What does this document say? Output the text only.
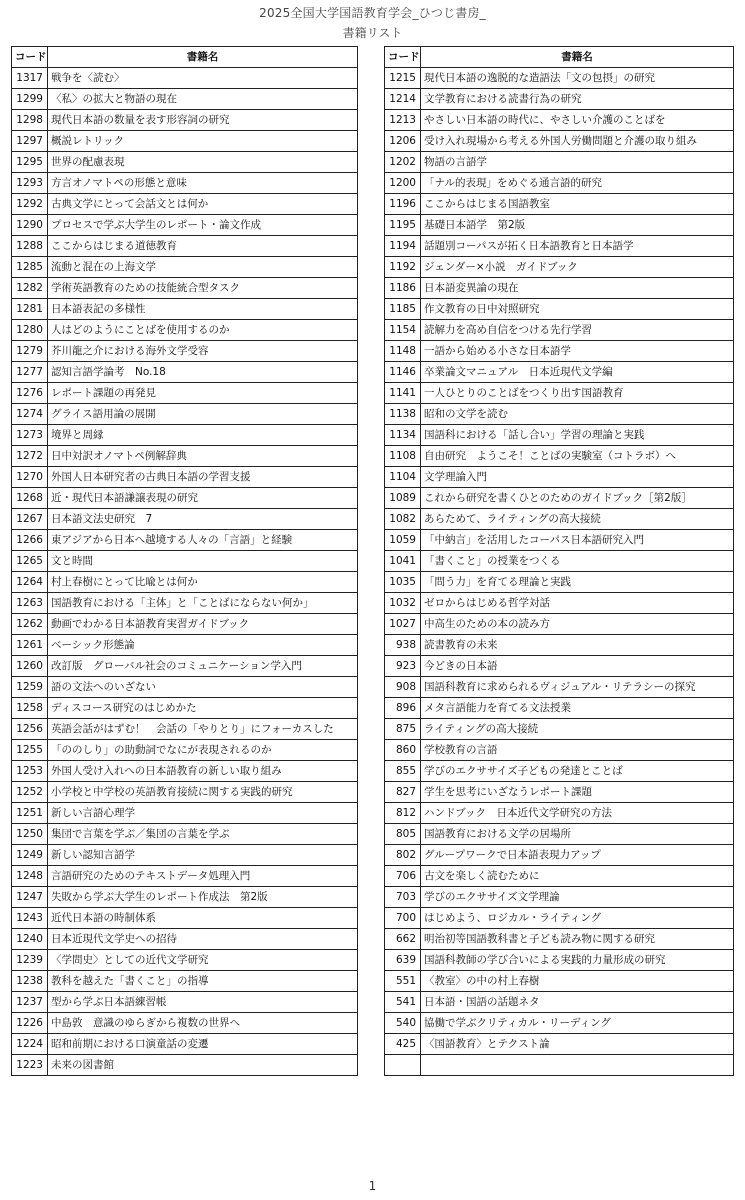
2025全国大学国語教育学会_ひつじ書房_
書籍リスト
コード	書籍名
1317	戦争を〈読む〉
1299	〈私〉の拡大と物語の現在
1298	現代日本語の数量を表す形容詞の研究
1297	概説レトリック
1295	世界の配慮表現
1293	方言オノマトペの形態と意味
1292	古典文学にとって会話文とは何か
1290	プロセスで学ぶ大学生のレポート・論文作成
1288	ここからはじまる道徳教育
1285	流動と混在の上海文学
1282	学術英語教育のための技能統合型タスク
1281	日本語表記の多様性
1280	人はどのようにことばを使用するのか
1279	芥川龍之介における海外文学受容
1277	認知言語学論考　No.18
1276	レポート課題の再発見
1274	グライス語用論の展開
1273	境界と周縁
1272	日中対訳オノマトペ例解辞典
1270	外国人日本研究者の古典日本語の学習支援
1268	近・現代日本語謙譲表現の研究
1267	日本語文法史研究　7
1266	東アジアから日本へ越境する人々の「言語」と経験
1265	文と時間
1264	村上春樹にとって比喩とは何か
1263	国語教育における「主体」と「ことばにならない何か」
1262	動画でわかる日本語教育実習ガイドブック
1261	ベーシック形態論
1260	改訂版　グローバル社会のコミュニケーション学入門
1259	語の文法へのいざない
1258	ディスコース研究のはじめかた
1256	英語会話がはずむ！　会話の「やりとり」にフォーカスした
1255	「ののしり」の助動詞でなにが表現されるのか
1253	外国人受け入れへの日本語教育の新しい取り組み
1252	小学校と中学校の英語教育接続に関する実践的研究
1251	新しい言語心理学
1250	集団で言葉を学ぶ／集団の言葉を学ぶ
1249	新しい認知言語学
1248	言語研究のためのテキストデータ処理入門
1247	失敗から学ぶ大学生のレポート作成法　第2版
1243	近代日本語の時制体系
1240	日本近現代文学史への招待
1239	〈学問史〉としての近代文学研究
1238	教科を越えた「書くこと」の指導
1237	型から学ぶ日本語練習帳
1226	中島敦　意識のゆらぎから複数の世界へ
1224	昭和前期における口演童話の変遷
1223	未来の図書館
コード	書籍名
1215	現代日本語の逸脱的な造語法「文の包摂」の研究
1214	文学教育における読書行為の研究
1213	やさしい日本語の時代に、やさしい介護のことばを
1206	受け入れ現場から考える外国人労働問題と介護の取り組み
1202	物語の言語学
1200	「ナル的表現」をめぐる通言語的研究
1196	ここからはじまる国語教室
1195	基礎日本語学　第2版
1194	話題別コーパスが拓く日本語教育と日本語学
1192	ジェンダー×小説　ガイドブック
1186	日本語変異論の現在
1185	作文教育の日中対照研究
1154	読解力を高め自信をつける先行学習
1148	一語から始める小さな日本語学
1146	卒業論文マニュアル　日本近現代文学編
1141	一人ひとりのことばをつくり出す国語教育
1138	昭和の文学を読む
1134	国語科における「話し合い」学習の理論と実践
1108	自由研究　ようこそ！ことばの実験室（コトラボ）へ
1104	文学理論入門
1089	これから研究を書くひとのためのガイドブック［第2版］
1082	あらためて、ライティングの高大接続
1059	「中納言」を活用したコーパス日本語研究入門
1041	「書くこと」の授業をつくる
1035	「問う力」を育てる理論と実践
1032	ゼロからはじめる哲学対話
1027	中高生のための本の読み方
938	読書教育の未来
923	今どきの日本語
908	国語科教育に求められるヴィジュアル・リテラシーの探究
896	メタ言語能力を育てる文法授業
875	ライティングの高大接続
860	学校教育の言語
855	学びのエクササイズ子どもの発達とことば
827	学生を思考にいざなうレポート課題
812	ハンドブック　日本近代文学研究の方法
805	国語教育における文学の居場所
802	グループワークで日本語表現力アップ
706	古文を楽しく読むために
703	学びのエクササイズ文学理論
700	はじめよう、ロジカル・ライティング
662	明治初等国語教科書と子ども読み物に関する研究
639	国語科教師の学び合いによる実践的力量形成の研究
551	〈教室〉の中の村上春樹
541	日本語・国語の話題ネタ
540	協働で学ぶクリティカル・リーディング
425	〈国語教育〉とテクスト論

1
